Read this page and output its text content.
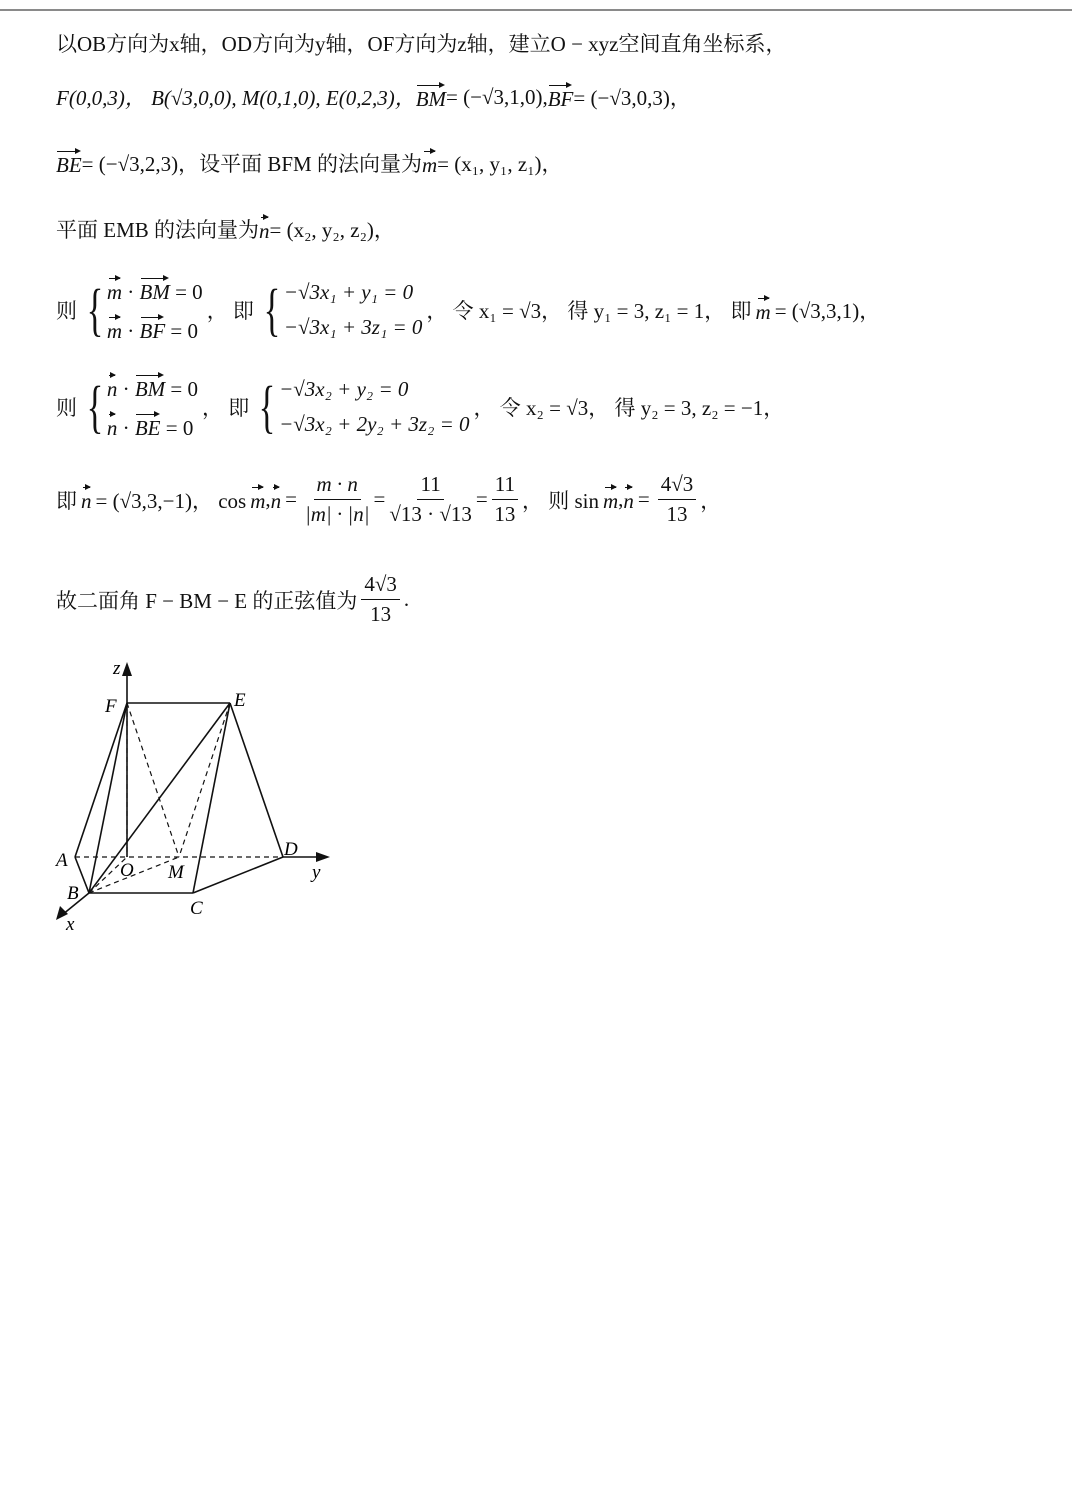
以OB方向为x轴，OD方向为y轴，OF方向为z轴，建立O − xyz空间直角坐标系，
F(0,0,3)， B(√3,0,0), M(0,1,0), E(0,2,3)， BM = (−√3,1,0), BF = (−√3,0,3)，
BE = (−√3,2,3)，设平面 BFM 的法向量为 m = (x₁, y₁, z₁)，
平面 EMB 的法向量为 n = (x₂, y₂, z₂)，
则 { m · BM = 0
m · BF = 0
， 即 { −√3x₁ + y₁ = 0
−√3x₁ + 3z₁ = 0
， 令 x₁ = √3， 得 y₁ = 3, z₁ = 1， 即 m = (√3,3,1)，
则 { n · BM = 0
n · BE = 0
， 即 { −√3x₂ + y₂ = 0
−√3x₂ + 2y₂ + 3z₂ = 0
， 令 x₂ = √3， 得 y₂ = 3, z₂ = −1，
即 n = (√3,3,−1)， cos m , $n = \frac{m \cdot n}{|m| \cdot |n|} = \frac{11}{√13 \cdot √13} = \frac{11}{13}$ ， 则 sin m , $n = \frac{4√3}{13}$ ，
故二面角 F − BM − E 的正弦值为 $\frac{4√3}{13}$ .
z
F	E
A	O M
D
y
B
C
x
